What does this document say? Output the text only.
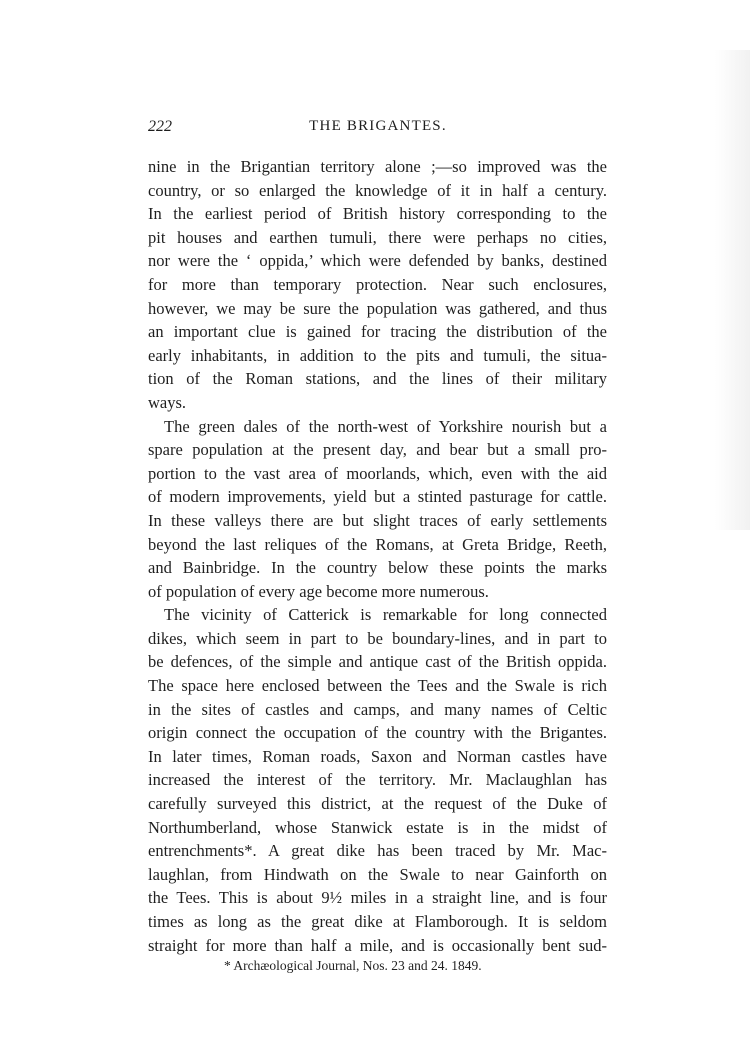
222	THE BRIGANTES.
nine in the Brigantian territory alone ;—so improved was the
country, or so enlarged the knowledge of it in half a century.
In the earliest period of British history corresponding to the
pit houses and earthen tumuli, there were perhaps no cities,
nor were the ‘ oppida,’ which were defended by banks, destined
for more than temporary protection. Near such enclosures,
however, we may be sure the population was gathered, and thus
an important clue is gained for tracing the distribution of the
early inhabitants, in addition to the pits and tumuli, the situa-
tion of the Roman stations, and the lines of their military
ways.
The green dales of the north-west of Yorkshire nourish but a
spare population at the present day, and bear but a small pro-
portion to the vast area of moorlands, which, even with the aid
of modern improvements, yield but a stinted pasturage for cattle.
In these valleys there are but slight traces of early settlements
beyond the last reliques of the Romans, at Greta Bridge, Reeth,
and Bainbridge. In the country below these points the marks
of population of every age become more numerous.
The vicinity of Catterick is remarkable for long connected
dikes, which seem in part to be boundary-lines, and in part to
be defences, of the simple and antique cast of the British oppida.
The space here enclosed between the Tees and the Swale is rich
in the sites of castles and camps, and many names of Celtic
origin connect the occupation of the country with the Brigantes.
In later times, Roman roads, Saxon and Norman castles have
increased the interest of the territory. Mr. Maclaughlan has
carefully surveyed this district, at the request of the Duke of
Northumberland, whose Stanwick estate is in the midst of
entrenchments*. A great dike has been traced by Mr. Mac-
laughlan, from Hindwath on the Swale to near Gainforth on
the Tees. This is about 9½ miles in a straight line, and is four
times as long as the great dike at Flamborough. It is seldom
straight for more than half a mile, and is occasionally bent sud-
* Archæological Journal, Nos. 23 and 24. 1849.
